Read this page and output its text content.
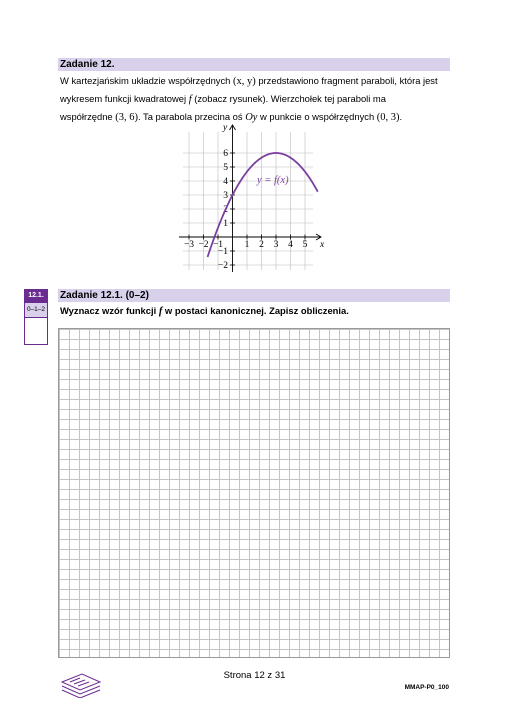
Zadanie 12.
W kartezjańskim układzie współrzędnych (x, y) przedstawiono fragment paraboli, która jest
wykresem funkcji kwadratowej f (zobacz rysunek). Wierzchołek tej paraboli ma
współrzędne (3, 6). Ta parabola przecina oś Oy w punkcie o współrzędnych (0, 3).
−3 −2 −1 1 2 3 4 5
6
5
4
3
2
1
−1
−2
x
y
y = f(x)
12.1.
0–1–2
Zadanie 12.1. (0–2)
Wyznacz wzór funkcji f w postaci kanonicznej. Zapisz obliczenia.
Strona 12 z 31
MMAP-P0_100
